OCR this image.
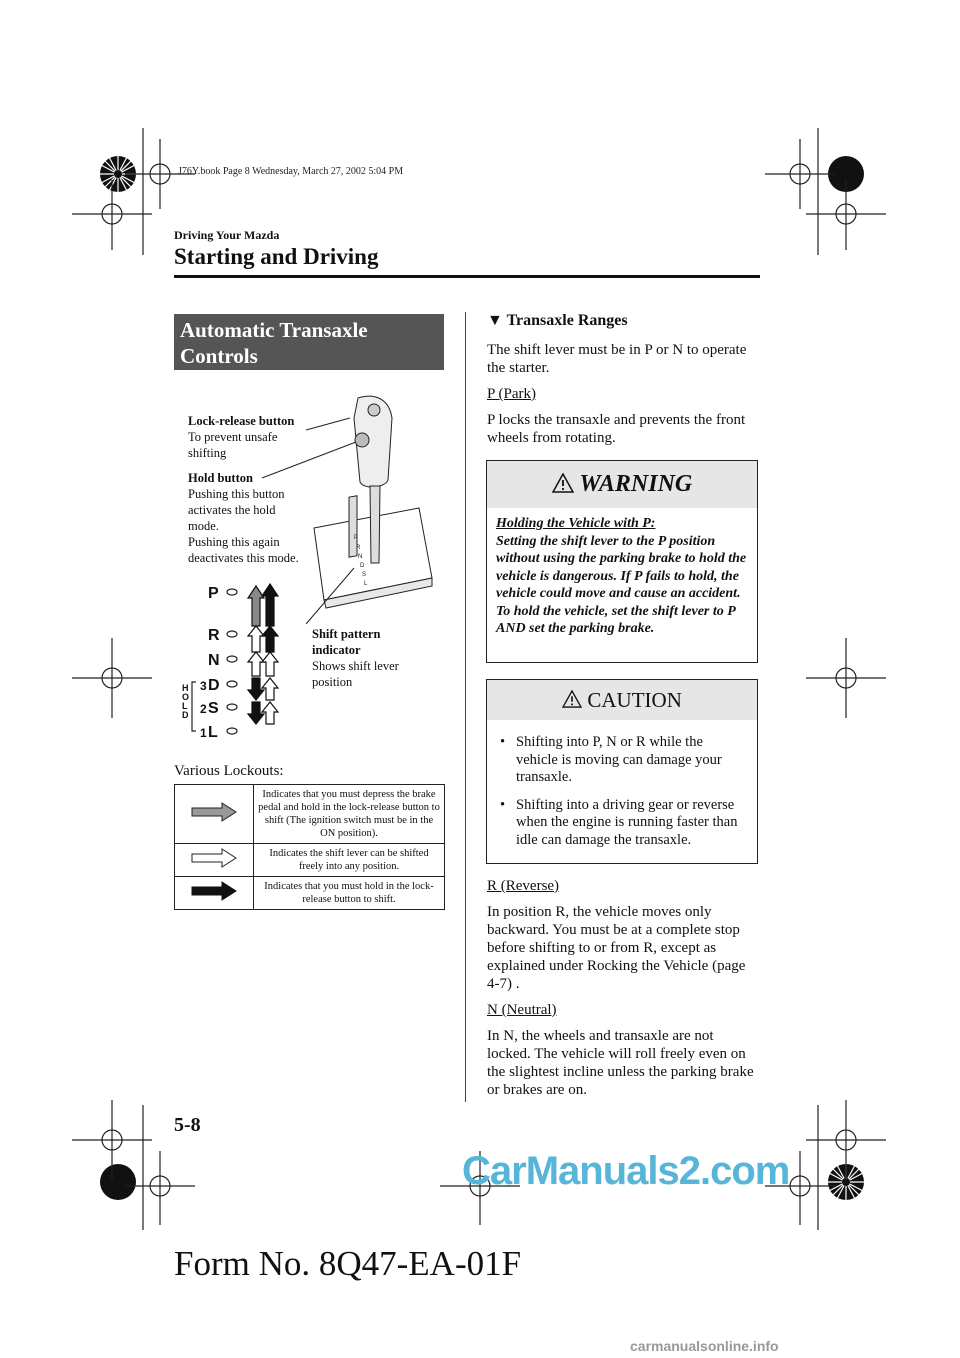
J76Y.book Page 8 Wednesday, March 27, 2002 5:04 PM
Driving Your Mazda
Starting and Driving
Automatic Transaxle
Controls
P
R
N
D
S
L
P
R
N
3 D
2 S
1 L
H
O
L
D
Lock-release button
To prevent unsafe
shifting
Hold button
Pushing this button
activates the hold
mode.
Pushing this again
deactivates this mode.
Shift pattern
indicator
Shows shift lever
position
Various Lockouts:
	Indicates that you must depress the brake pedal and hold in the lock-release button to shift (The ignition switch must be in the ON position).
	Indicates the shift lever can be shifted freely into any position.
	Indicates that you must hold in the lock-release button to shift.
▼ Transaxle Ranges
The shift lever must be in P or N to operate the starter.
P (Park)
P locks the transaxle and prevents the front wheels from rotating.
WARNING
Holding the Vehicle with P:
Setting the shift lever to the P position without using the parking brake to hold the vehicle is dangerous. If P fails to hold, the vehicle could move and cause an accident. To hold the vehicle, set the shift lever to P AND set the parking brake.
CAUTION
• Shifting into P, N or R while the vehicle is moving can damage your transaxle.
• Shifting into a driving gear or reverse when the engine is running faster than idle can damage the transaxle.
R (Reverse)
In position R, the vehicle moves only backward. You must be at a complete stop before shifting to or from R, except as explained under Rocking the Vehicle (page 4-7) .
N (Neutral)
In N, the wheels and transaxle are not locked. The vehicle will roll freely even on the slightest incline unless the parking brake or brakes are on.
5-8
CarManuals2.com
Form No. 8Q47-EA-01F
carmanualsonline.info
